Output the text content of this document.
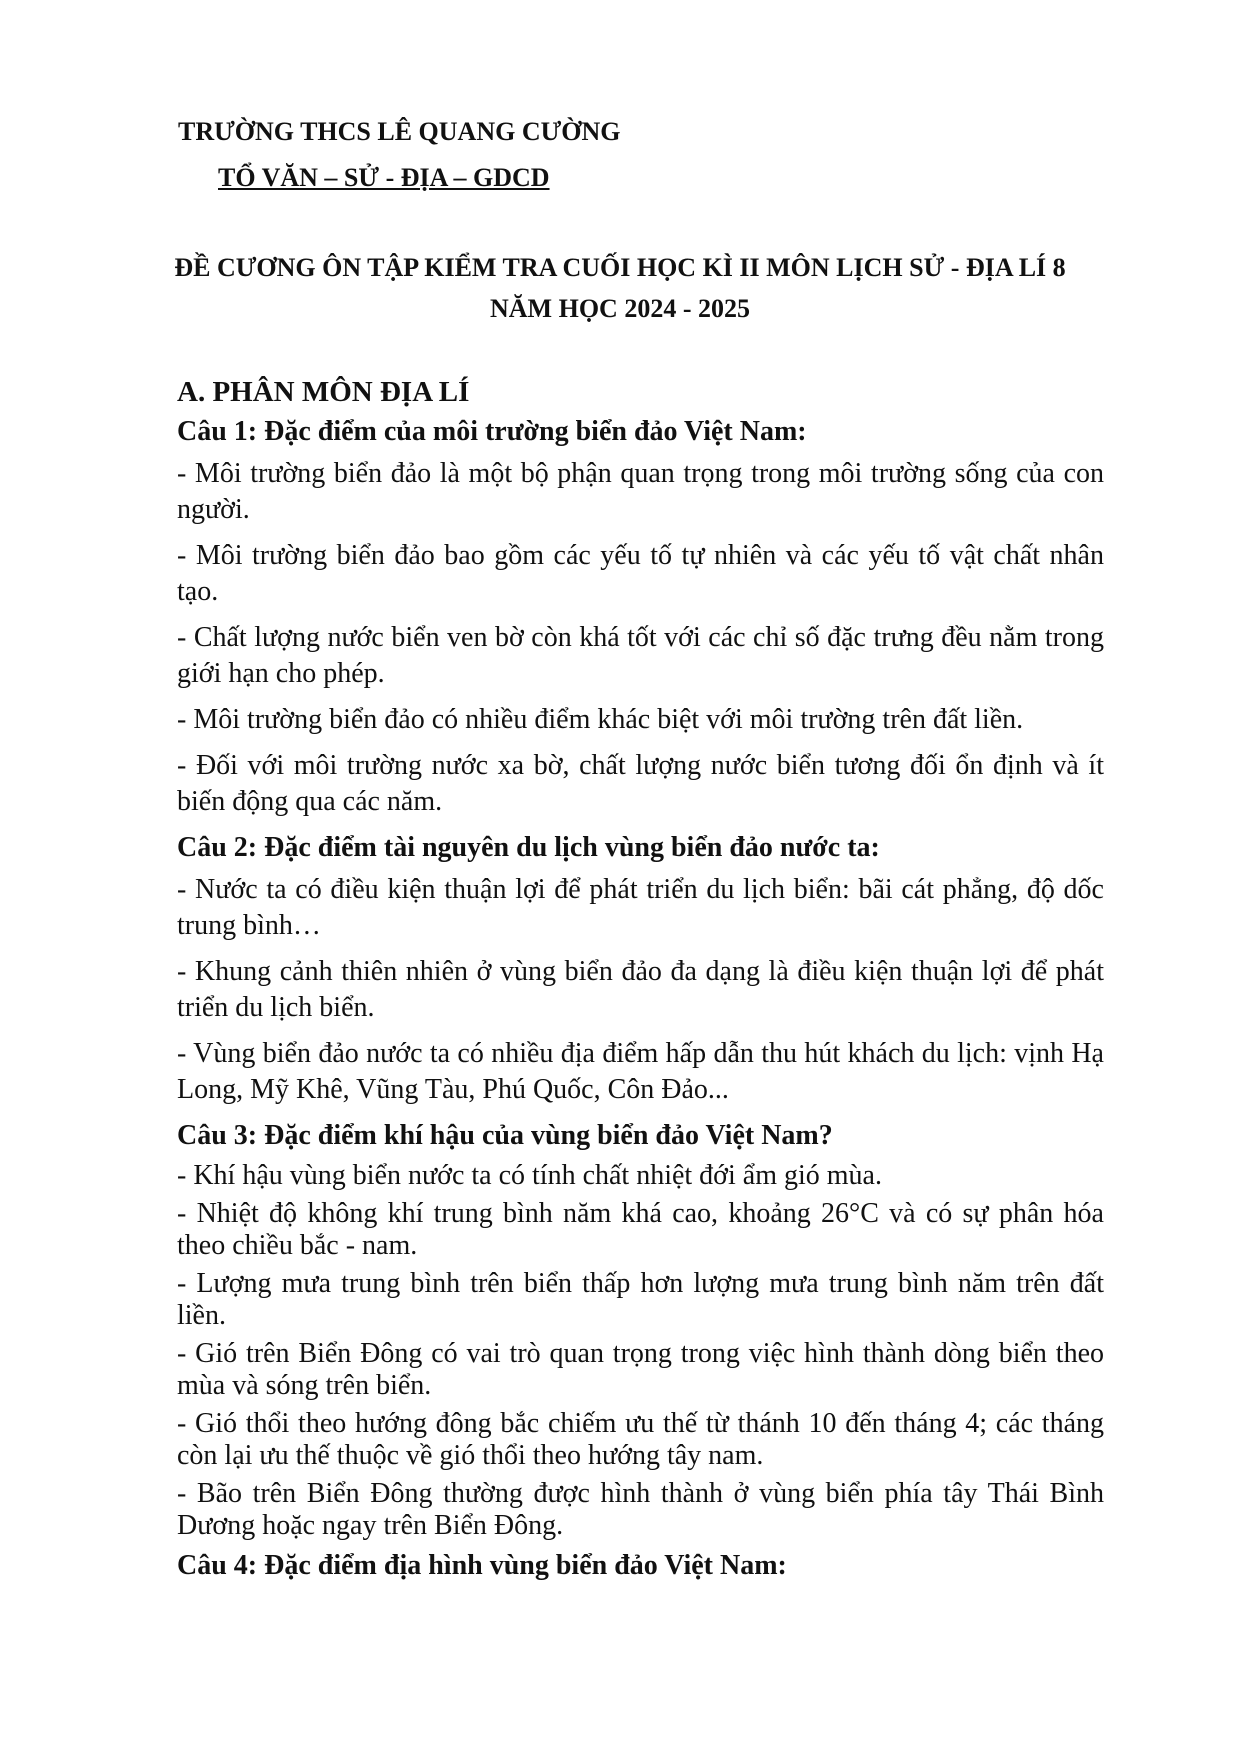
TRƯỜNG THCS LÊ QUANG CƯỜNG
TỔ VĂN – SỬ - ĐỊA – GDCD
ĐỀ CƯƠNG ÔN TẬP KIỂM TRA CUỐI HỌC KÌ II MÔN LỊCH SỬ - ĐỊA LÍ 8
NĂM HỌC 2024 - 2025
A. PHÂN MÔN ĐỊA LÍ
Câu 1: Đặc điểm của môi trường biển đảo Việt Nam:
- Môi trường biển đảo là một bộ phận quan trọng trong môi trường sống của con người.
- Môi trường biển đảo bao gồm các yếu tố tự nhiên và các yếu tố vật chất nhân tạo.
- Chất lượng nước biển ven bờ còn khá tốt với các chỉ số đặc trưng đều nằm trong giới hạn cho phép.
- Môi trường biển đảo có nhiều điểm khác biệt với môi trường trên đất liền.
- Đối với môi trường nước xa bờ, chất lượng nước biển tương đối ổn định và ít biến động qua các năm.
Câu 2: Đặc điểm tài nguyên du lịch vùng biển đảo nước ta:
- Nước ta có điều kiện thuận lợi để phát triển du lịch biển: bãi cát phẳng, độ dốc trung bình…
- Khung cảnh thiên nhiên ở vùng biển đảo đa dạng là điều kiện thuận lợi để phát triển du lịch biển.
- Vùng biển đảo nước ta có nhiều địa điểm hấp dẫn thu hút khách du lịch: vịnh Hạ Long, Mỹ Khê, Vũng Tàu, Phú Quốc, Côn Đảo...
Câu 3: Đặc điểm khí hậu của vùng biển đảo Việt Nam?
- Khí hậu vùng biển nước ta có tính chất nhiệt đới ẩm gió mùa.
- Nhiệt độ không khí trung bình năm khá cao, khoảng 26°C và có sự phân hóa theo chiều bắc - nam.
- Lượng mưa trung bình trên biển thấp hơn lượng mưa trung bình năm trên đất liền.
- Gió trên Biển Đông có vai trò quan trọng trong việc hình thành dòng biển theo mùa và sóng trên biển.
- Gió thổi theo hướng đông bắc chiếm ưu thế từ thánh 10 đến tháng 4; các tháng còn lại ưu thế thuộc về gió thổi theo hướng tây nam.
- Bão trên Biển Đông thường được hình thành ở vùng biển phía tây Thái Bình Dương hoặc ngay trên Biển Đông.
Câu 4: Đặc điểm địa hình vùng biển đảo Việt Nam:
